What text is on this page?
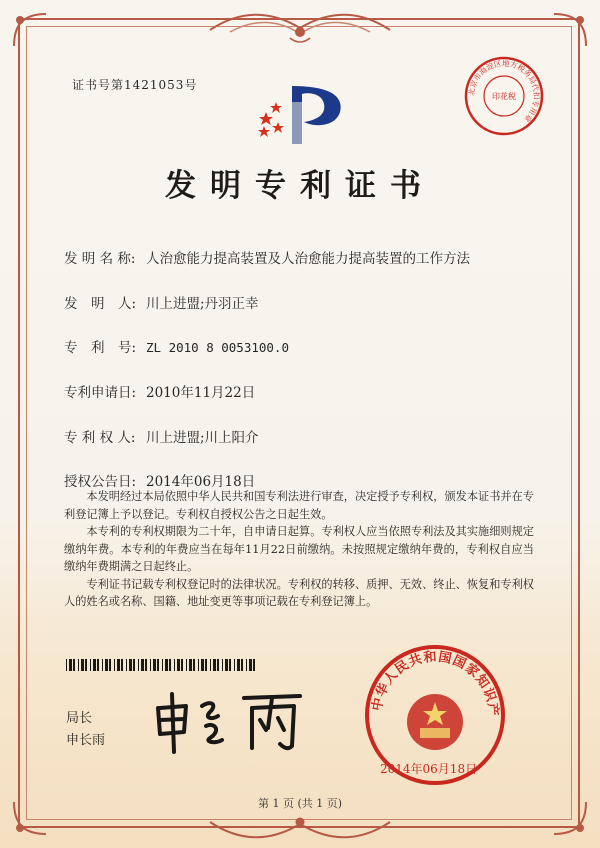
证书号第1421053号	北京市海淀区地方税务局代扣专用章
印花税
发明专利证书
发 明 名 称: 人治愈能力提高装置及人治愈能力提高装置的工作方法
发　明　人: 川上进盟;丹羽正幸
专　利　号: ZL 2010 8 0053100.0
专利申请日: 2010年11月22日
专 利 权 人: 川上进盟;川上阳介
授权公告日: 2014年06月18日

本发明经过本局依照中华人民共和国专利法进行审查，决定授予专利权，颁发本证书并在专利登记簿上予以登记。专利权自授权公告之日起生效。

本专利的专利权期限为二十年，自申请日起算。专利权人应当依照专利法及其实施细则规定缴纳年费。本专利的年费应当在每年11月22日前缴纳。未按照规定缴纳年费的，专利权自应当缴纳年费期满之日起终止。

专利证书记载专利权登记时的法律状况。专利权的转移、质押、无效、终止、恢复和专利权人的姓名或名称、国籍、地址变更等事项记载在专利登记簿上。

局长
申长雨
中华人民共和国国家知识产
2014年06月18日
第 1 页 (共 1 页)
